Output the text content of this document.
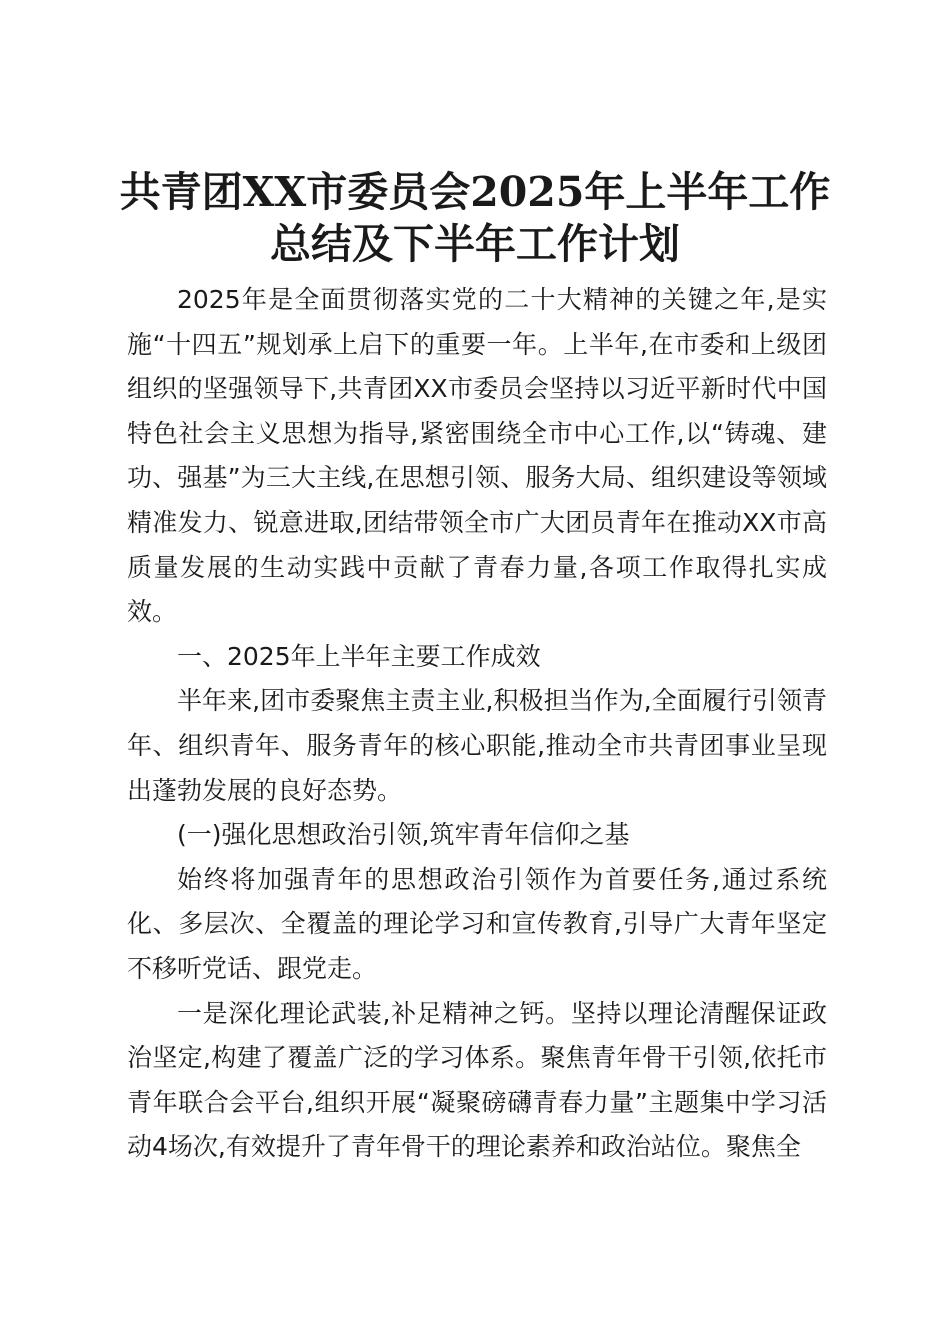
共青团XX市委员会2025年上半年工作
总结及下半年工作计划

2025年是全面贯彻落实党的二十大精神的关键之年,是实施“十四五”规划承上启下的重要一年。上半年,在市委和上级团组织的坚强领导下,共青团XX市委员会坚持以习近平新时代中国特色社会主义思想为指导,紧密围绕全市中心工作,以“铸魂、建功、强基”为三大主线,在思想引领、服务大局、组织建设等领域精准发力、锐意进取,团结带领全市广大团员青年在推动XX市高质量发展的生动实践中贡献了青春力量,各项工作取得扎实成效。

一、2025年上半年主要工作成效

半年来,团市委聚焦主责主业,积极担当作为,全面履行引领青年、组织青年、服务青年的核心职能,推动全市共青团事业呈现出蓬勃发展的良好态势。

(一)强化思想政治引领,筑牢青年信仰之基

始终将加强青年的思想政治引领作为首要任务,通过系统化、多层次、全覆盖的理论学习和宣传教育,引导广大青年坚定不移听党话、跟党走。

一是深化理论武装,补足精神之钙。坚持以理论清醒保证政治坚定,构建了覆盖广泛的学习体系。聚焦青年骨干引领,依托市青年联合会平台,组织开展“凝聚磅礴青春力量”主题集中学习活动4场次,有效提升了青年骨干的理论素养和政治站位。聚焦全
